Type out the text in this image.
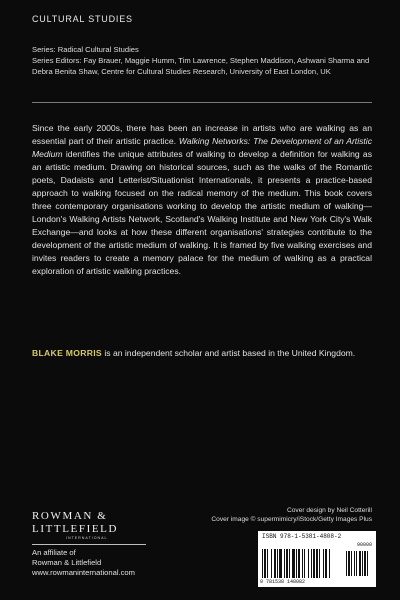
CULTURAL STUDIES
Series: Radical Cultural Studies
Series Editors: Fay Brauer, Maggie Humm, Tim Lawrence, Stephen Maddison, Ashwani Sharma and Debra Benita Shaw, Centre for Cultural Studies Research, University of East London, UK
Since the early 2000s, there has been an increase in artists who are walking as an essential part of their artistic practice. Walking Networks: The Development of an Artistic Medium identifies the unique attributes of walking to develop a definition for walking as an artistic medium. Drawing on historical sources, such as the walks of the Romantic poets, Dadaists and Letterist/Situationist Internationals, it presents a practice-based approach to walking focused on the radical memory of the medium. This book covers three contemporary organisations working to develop the artistic medium of walking—London's Walking Artists Network, Scotland's Walking Institute and New York City's Walk Exchange—and looks at how these different organisations' strategies contribute to the development of the artistic medium of walking. It is framed by five walking exercises and invites readers to create a memory palace for the medium of walking as a practical exploration of artistic walking practices.
BLAKE MORRIS is an independent scholar and artist based in the United Kingdom.
ROWMAN &
LITTLEFIELD
INTERNATIONAL
An affiliate of
Rowman & Littlefield
www.rowmaninternational.com
Cover design by Neil Cotterill
Cover image © supermimicry/iStock/Getty Images Plus
ISBN 978-1-5381-4808-2
90000
9 781538 148082
